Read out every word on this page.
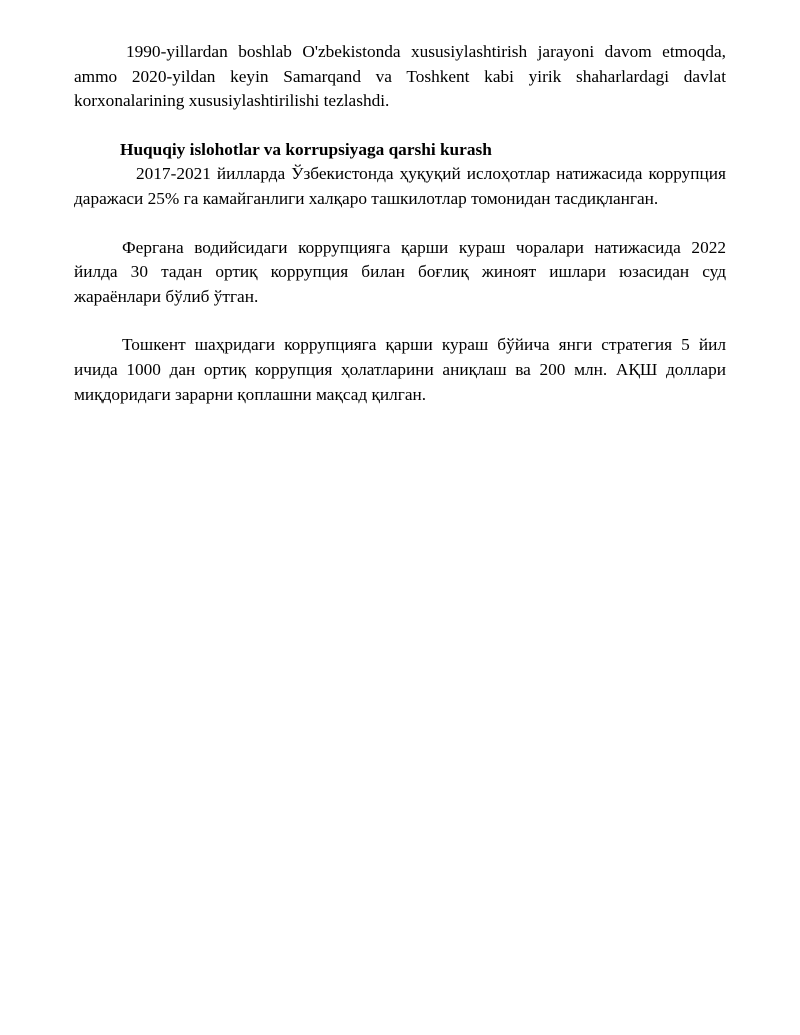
1990-yillardan boshlab O'zbekistonda xususiylashtirish jarayoni davom etmoqda, ammo 2020-yildan keyin Samarqand va Toshkent kabi yirik shaharlardagi davlat korxonalarining xususiylashtirilishi tezlashdi.

Huquqiy islohotlar va korrupsiyaga qarshi kurash

2017-2021 йилларда Ўзбекистонда ҳуқуқий ислоҳотлар натижасида коррупция даражаси 25% га камайганлиги халқаро ташкилотлар томонидан тасдиқланган.

Фергана водийсидаги коррупцияга қарши кураш чоралари натижасида 2022 йилда 30 тадан ортиқ коррупция билан боғлиқ жиноят ишлари юзасидан суд жараёнлари бўлиб ўтган.

Тошкент шаҳридаги коррупцияга қарши кураш бўйича янги стратегия 5 йил ичида 1000 дан ортиқ коррупция ҳолатларини аниқлаш ва 200 млн. АҚШ доллари миқдоридаги зарарни қоплашни мақсад қилган.
